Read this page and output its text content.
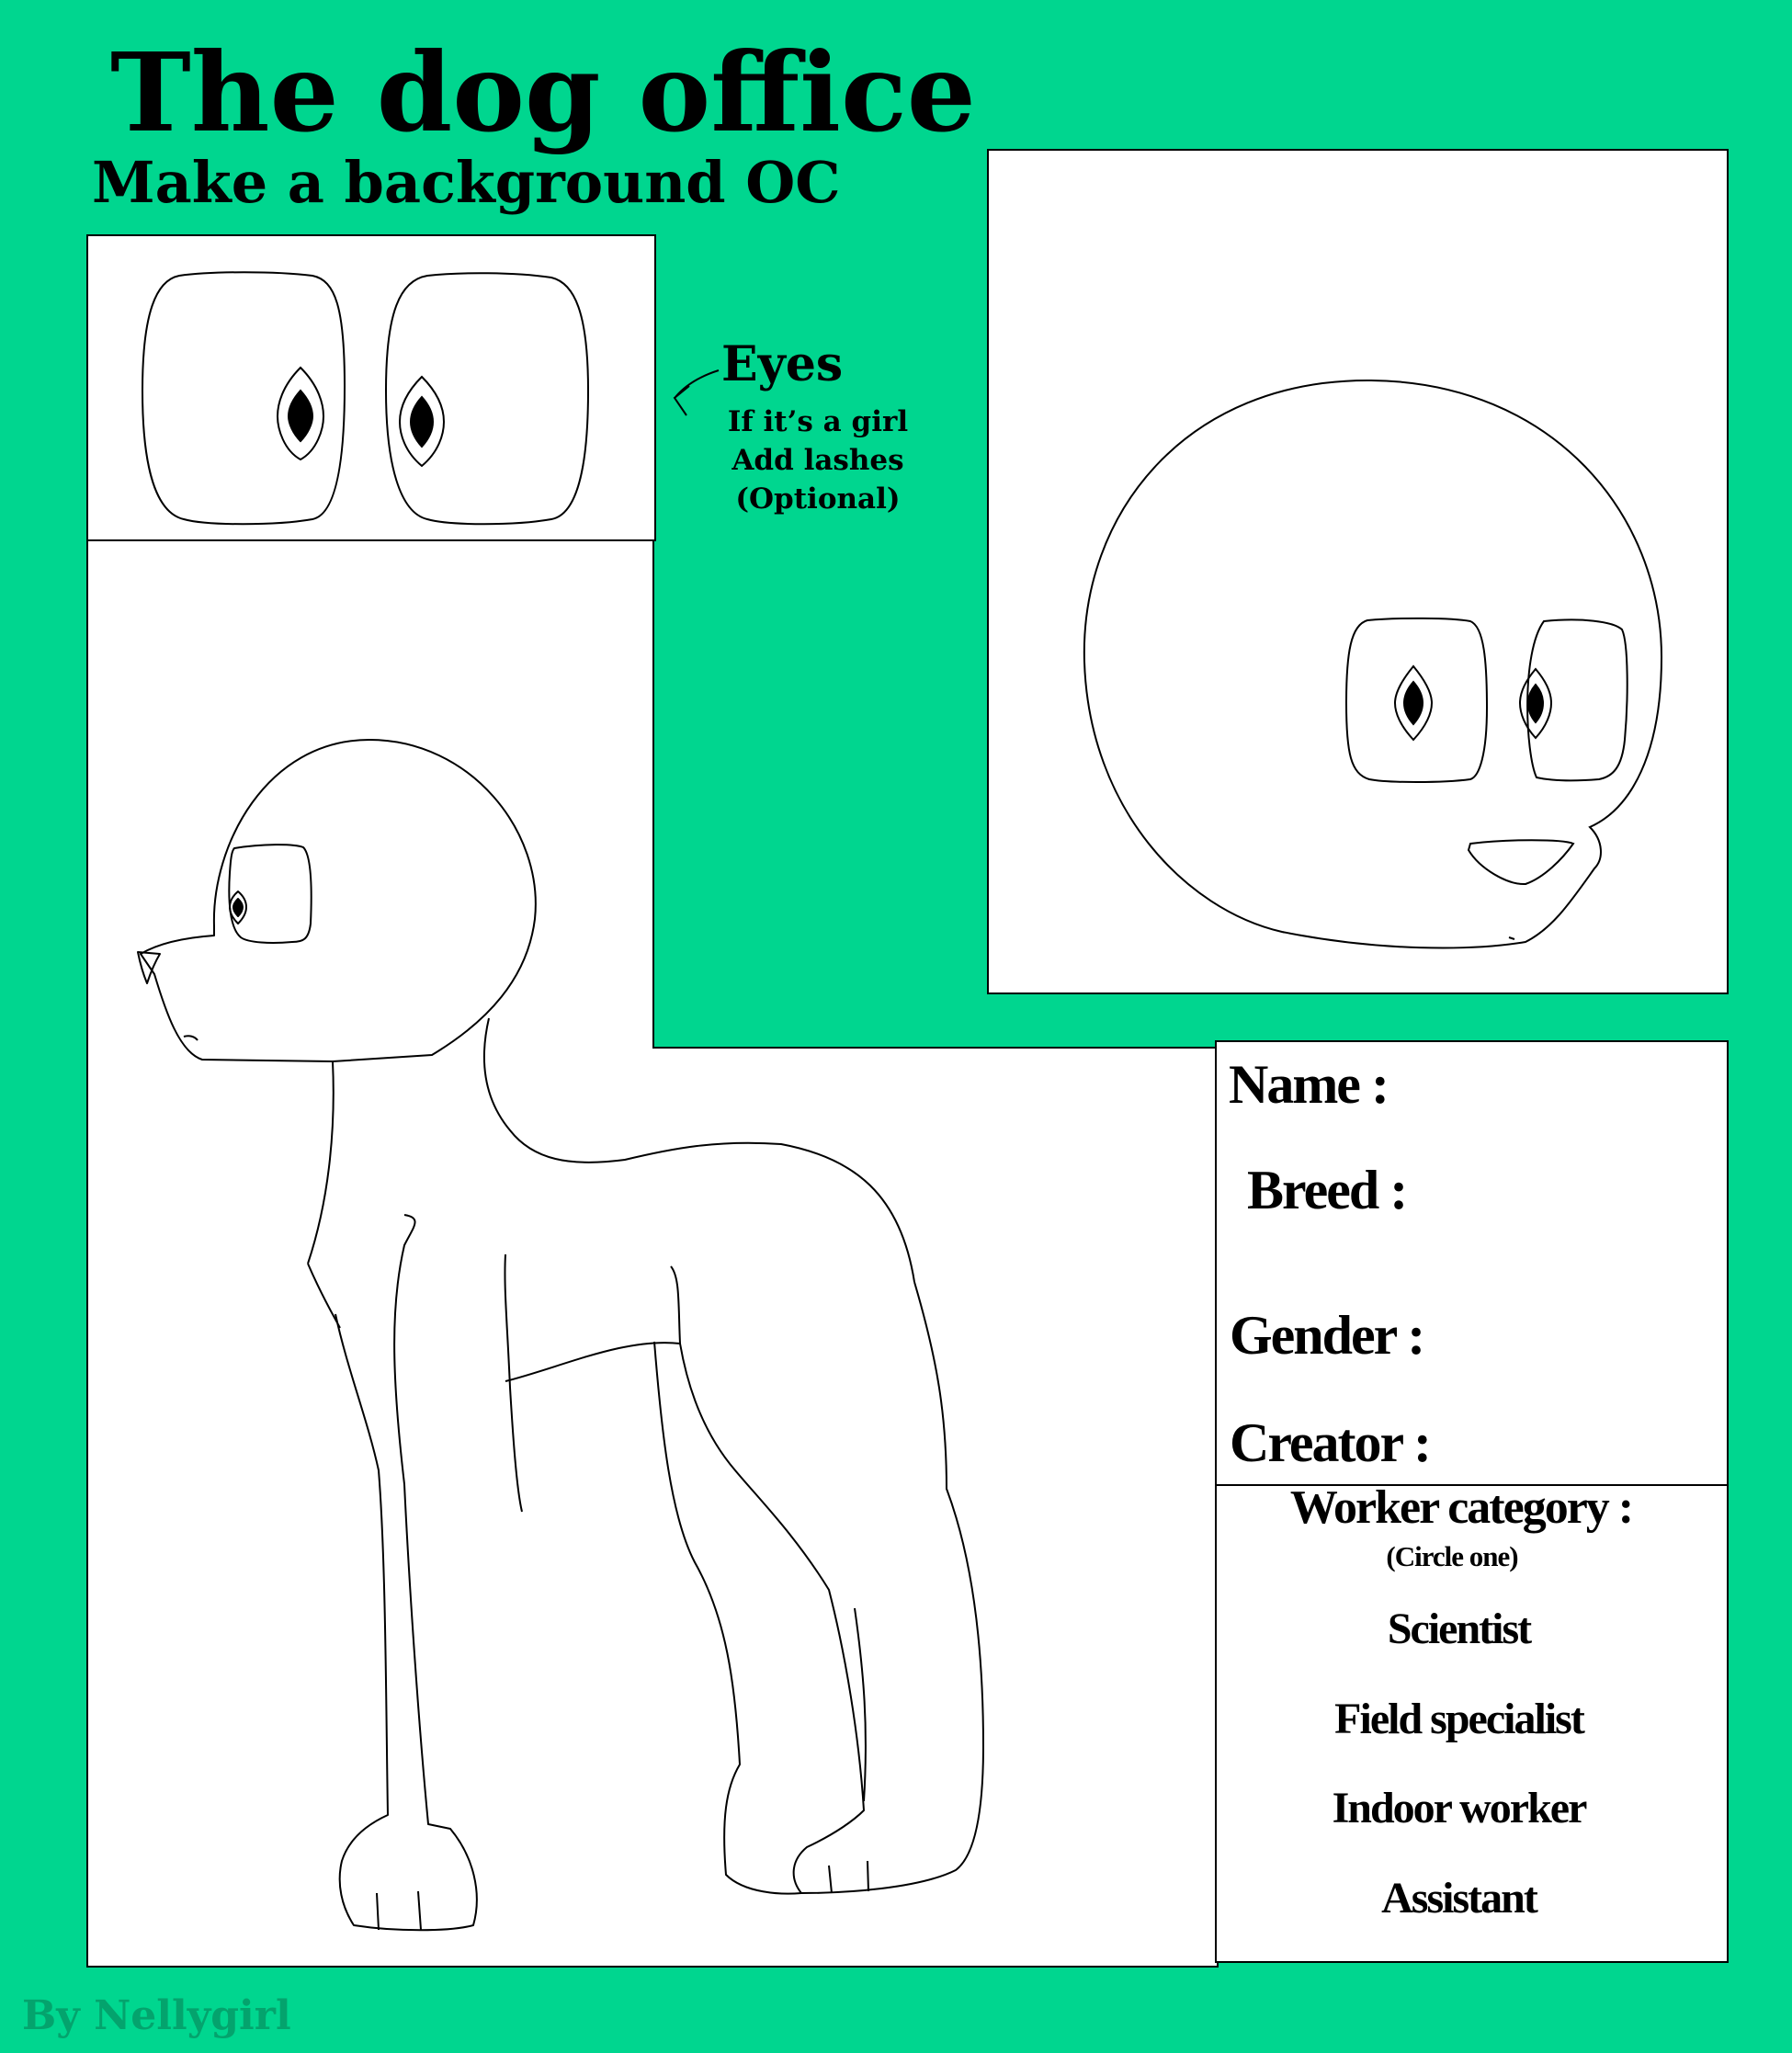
The dog office
Make a background OC
Eyes
If it’s a girl
Add lashes
(Optional)
Name :
Breed :
Gender :
Creator :
Worker category :
(Circle one)
Scientist
Field specialist
Indoor worker
Assistant
By Nellygirl
